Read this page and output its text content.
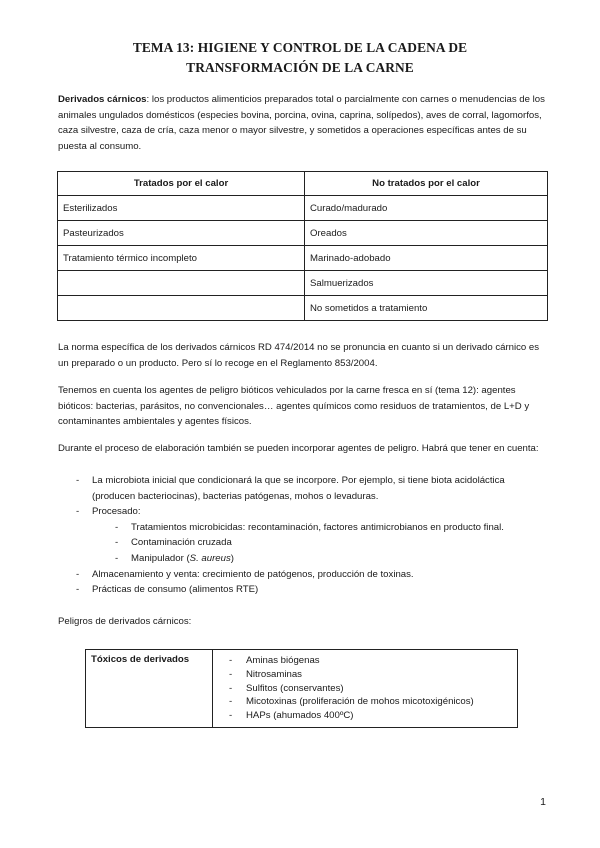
TEMA 13: HIGIENE Y CONTROL DE LA CADENA DE
TRANSFORMACIÓN DE LA CARNE
Derivados cárnicos: los productos alimenticios preparados total o parcialmente con carnes o menudencias de los animales ungulados domésticos (especies bovina, porcina, ovina, caprina, solípedos), aves de corral, lagomorfos, caza silvestre, caza de cría, caza menor o mayor silvestre, y sometidos a operaciones específicas antes de su puesta al consumo.
Tratados por el calor	No tratados por el calor
Esterilizados	Curado/madurado
Pasteurizados	Oreados
Tratamiento térmico incompleto	Marinado-adobado
	Salmuerizados
	No sometidos a tratamiento
La norma específica de los derivados cárnicos RD 474/2014 no se pronuncia en cuanto si un derivado cárnico es un preparado o un producto. Pero sí lo recoge en el Reglamento 853/2004.
Tenemos en cuenta los agentes de peligro bióticos vehiculados por la carne fresca en sí (tema 12): agentes bióticos: bacterias, parásitos, no convencionales… agentes químicos como residuos de tratamientos, de L+D y contaminantes ambientales y agentes físicos.
Durante el proceso de elaboración también se pueden incorporar agentes de peligro. Habrá que tener en cuenta:
- La microbiota inicial que condicionará la que se incorpore. Por ejemplo, si tiene biota acidoláctica (producen bacteriocinas), bacterias patógenas, mohos o levaduras.
- Procesado:
- Tratamientos microbicidas: recontaminación, factores antimicrobianos en producto final.
- Contaminación cruzada
- Manipulador (S. aureus)
- Almacenamiento y venta: crecimiento de patógenos, producción de toxinas.
- Prácticas de consumo (alimentos RTE)
Peligros de derivados cárnicos:
Tóxicos de derivados	- Aminas biógenas
- Nitrosaminas
- Sulfitos (conservantes)
- Micotoxinas (proliferación de mohos micotoxigénicos)
- HAPs (ahumados 400ºC)
1
